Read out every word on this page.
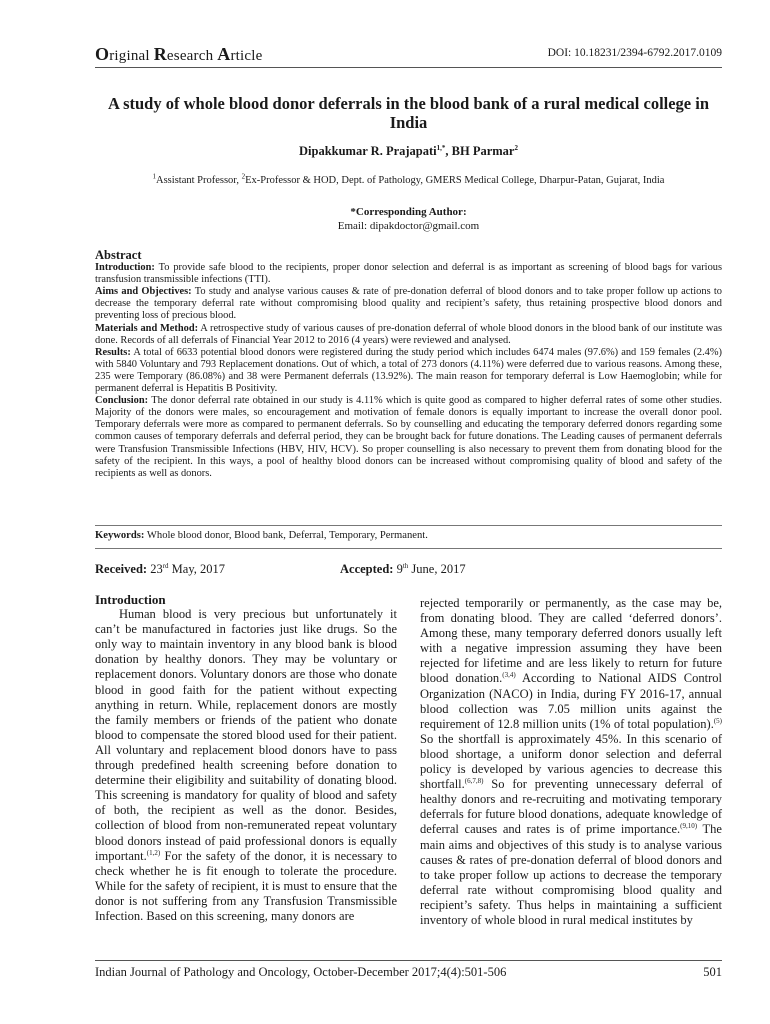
Original Research Article	DOI: 10.18231/2394-6792.2017.0109
A study of whole blood donor deferrals in the blood bank of a rural medical college in India
Dipakkumar R. Prajapati$^{1,*}$, BH Parmar$^2$
$^1$Assistant Professor, $^2$Ex-Professor & HOD, Dept. of Pathology, GMERS Medical College, Dharpur-Patan, Gujarat, India
*Corresponding Author:
Email: dipakdoctor@gmail.com
Abstract

Introduction: To provide safe blood to the recipients, proper donor selection and deferral is as important as screening of blood bags for various transfusion transmissible infections (TTI).

Aims and Objectives: To study and analyse various causes & rate of pre-donation deferral of blood donors and to take proper follow up actions to decrease the temporary deferral rate without compromising blood quality and recipient’s safety, thus retaining prospective blood donors and preventing loss of precious blood.

Materials and Method: A retrospective study of various causes of pre-donation deferral of whole blood donors in the blood bank of our institute was done. Records of all deferrals of Financial Year 2012 to 2016 (4 years) were reviewed and analysed.

Results: A total of 6633 potential blood donors were registered during the study period which includes 6474 males (97.6%) and 159 females (2.4%) with 5840 Voluntary and 793 Replacement donations. Out of which, a total of 273 donors (4.11%) were deferred due to various reasons. Among these, 235 were Temporary (86.08%) and 38 were Permanent deferrals (13.92%). The main reason for temporary deferral is Low Haemoglobin; while for permanent deferral is Hepatitis B Positivity.

Conclusion: The donor deferral rate obtained in our study is 4.11% which is quite good as compared to higher deferral rates of some other studies. Majority of the donors were males, so encouragement and motivation of female donors is equally important to increase the overall donor pool. Temporary deferrals were more as compared to permanent deferrals. So by counselling and educating the temporary deferred donors regarding some common causes of temporary deferrals and deferral period, they can be brought back for future donations. The Leading causes of permanent deferrals were Transfusion Transmissible Infections (HBV, HIV, HCV). So proper counselling is also necessary to prevent them from donating blood for the safety of the recipient. In this ways, a pool of healthy blood donors can be increased without compromising quality of blood and safety of the recipients as well as donors.

Keywords: Whole blood donor, Blood bank, Deferral, Temporary, Permanent.
Received: 23rd May, 2017	Accepted: 9th June, 2017
Introduction

Human blood is very precious but unfortunately it can’t be manufactured in factories just like drugs. So the only way to maintain inventory in any blood bank is blood donation by healthy donors. They may be voluntary or replacement donors. Voluntary donors are those who donate blood in good faith for the patient without expecting anything in return. While, replacement donors are mostly the family members or friends of the patient who donate blood to compensate the stored blood used for their patient. All voluntary and replacement blood donors have to pass through predefined health screening before donation to determine their eligibility and suitability of donating blood. This screening is mandatory for quality of blood and safety of both, the recipient as well as the donor. Besides, collection of blood from non-remunerated repeat voluntary blood donors instead of paid professional donors is equally important.$^{(1,2)}$ For the safety of the donor, it is necessary to check whether he is fit enough to tolerate the procedure. While for the safety of recipient, it is must to ensure that the donor is not suffering from any Transfusion Transmissible Infection. Based on this screening, many donors are

rejected temporarily or permanently, as the case may be, from donating blood. They are called ‘deferred donors’. Among these, many temporary deferred donors usually left with a negative impression assuming they have been rejected for lifetime and are less likely to return for future blood donation.$^{(3,4)}$ According to National AIDS Control Organization (NACO) in India, during FY 2016-17, annual blood collection was 7.05 million units against the requirement of 12.8 million units (1% of total population).$^{(5)}$ So the shortfall is approximately 45%. In this scenario of blood shortage, a uniform donor selection and deferral policy is developed by various agencies to decrease this shortfall.$^{(6,7,8)}$ So for preventing unnecessary deferral of healthy donors and re-recruiting and motivating temporary deferrals for future blood donations, adequate knowledge of deferral causes and rates is of prime importance.$^{(9,10)}$ The main aims and objectives of this study is to analyse various causes & rates of pre-donation deferral of blood donors and to take proper follow up actions to decrease the temporary deferral rate without compromising blood quality and recipient’s safety. Thus helps in maintaining a sufficient inventory of whole blood in rural medical institutes by

Indian Journal of Pathology and Oncology, October-December 2017;4(4):501-506	501
